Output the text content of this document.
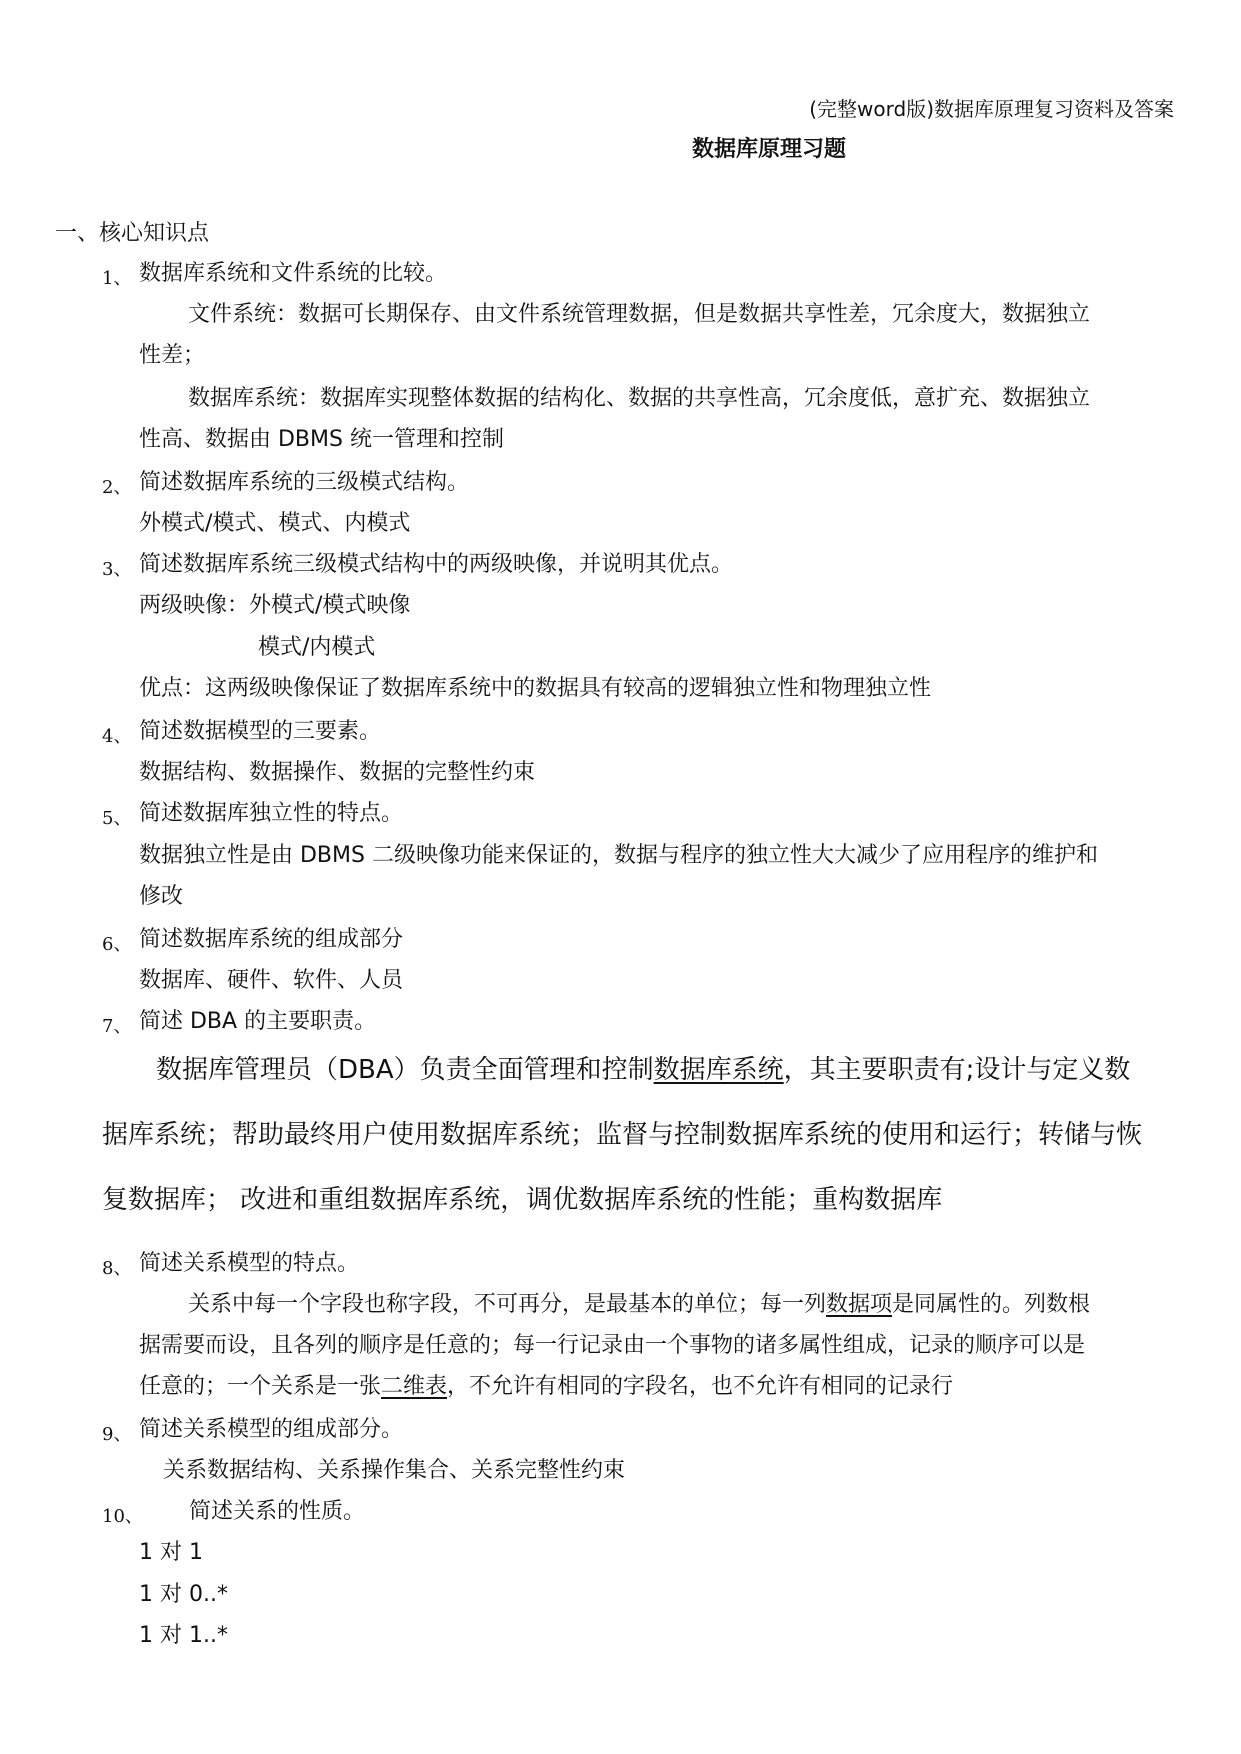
(完整word版)数据库原理复习资料及答案
数据库原理习题
一、核心知识点
1、 数据库系统和文件系统的比较。
文件系统：数据可长期保存、由文件系统管理数据，但是数据共享性差，冗余度大，数据独立
性差；
数据库系统：数据库实现整体数据的结构化、数据的共享性高，冗余度低，意扩充、数据独立
性高、数据由 DBMS 统一管理和控制
2、 简述数据库系统的三级模式结构。
外模式/模式、模式、内模式
3、 简述数据库系统三级模式结构中的两级映像，并说明其优点。
两级映像：外模式/模式映像
模式/内模式
优点：这两级映像保证了数据库系统中的数据具有较高的逻辑独立性和物理独立性
4、 简述数据模型的三要素。
数据结构、数据操作、数据的完整性约束
5、 简述数据库独立性的特点。
数据独立性是由 DBMS 二级映像功能来保证的，数据与程序的独立性大大减少了应用程序的维护和
修改
6、 简述数据库系统的组成部分
数据库、硬件、软件、人员
7、 简述 DBA 的主要职责。
数据库管理员（DBA）负责全面管理和控制数据库系统，其主要职责有;设计与定义数
据库系统；帮助最终用户使用数据库系统；监督与控制数据库系统的使用和运行；转储与恢
复数据库； 改进和重组数据库系统，调优数据库系统的性能；重构数据库
8、 简述关系模型的特点。
关系中每一个字段也称字段，不可再分，是最基本的单位；每一列数据项是同属性的。列数根
据需要而设，且各列的顺序是任意的；每一行记录由一个事物的诸多属性组成，记录的顺序可以是
任意的；一个关系是一张二维表，不允许有相同的字段名，也不允许有相同的记录行
9、 简述关系模型的组成部分。
关系数据结构、关系操作集合、关系完整性约束
10、 简述关系的性质。
1 对 1
1 对 0..*
1 对 1..*
